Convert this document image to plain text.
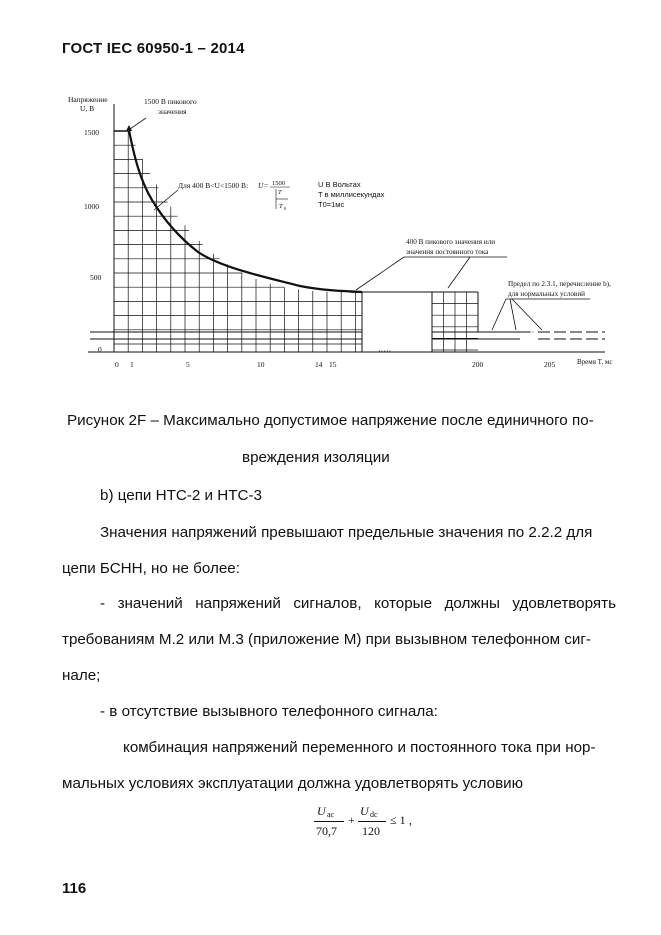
ГОСТ IEC 60950-1 – 2014
Напряжение
U, В
1500
1000
500
0
0 1	5	10	14 15	200	205	Время T, мс
·····
·····
1500 В пикового
значения
Для 400 В<U<1500 В: U = 1500
T
T 0
U В Вольтах
T в миллисекундах
T0=1мс
400 В пикового значения или
значения постоянного тока
Предел по 2.3.1, перечисление b),
для нормальных условий
Рисунок 2F – Максимально допустимое напряжение после единичного по-
вреждения изоляции
b) цепи НТС-2 и НТС-3
Значения напряжений превышают предельные значения по 2.2.2 для
цепи БСНН, но не более:
- значений напряжений сигналов, которые должны удовлетворять
требованиям М.2 или М.3 (приложение М) при вызывном телефонном сиг-
нале;
- в отсутствие вызывного телефонного сигнала:
комбинация напряжений переменного и постоянного тока при нор-
мальных условиях эксплуатации должна удовлетворять условию
U ac
70,7
+
U dc
120
≤ 1 ,
116
